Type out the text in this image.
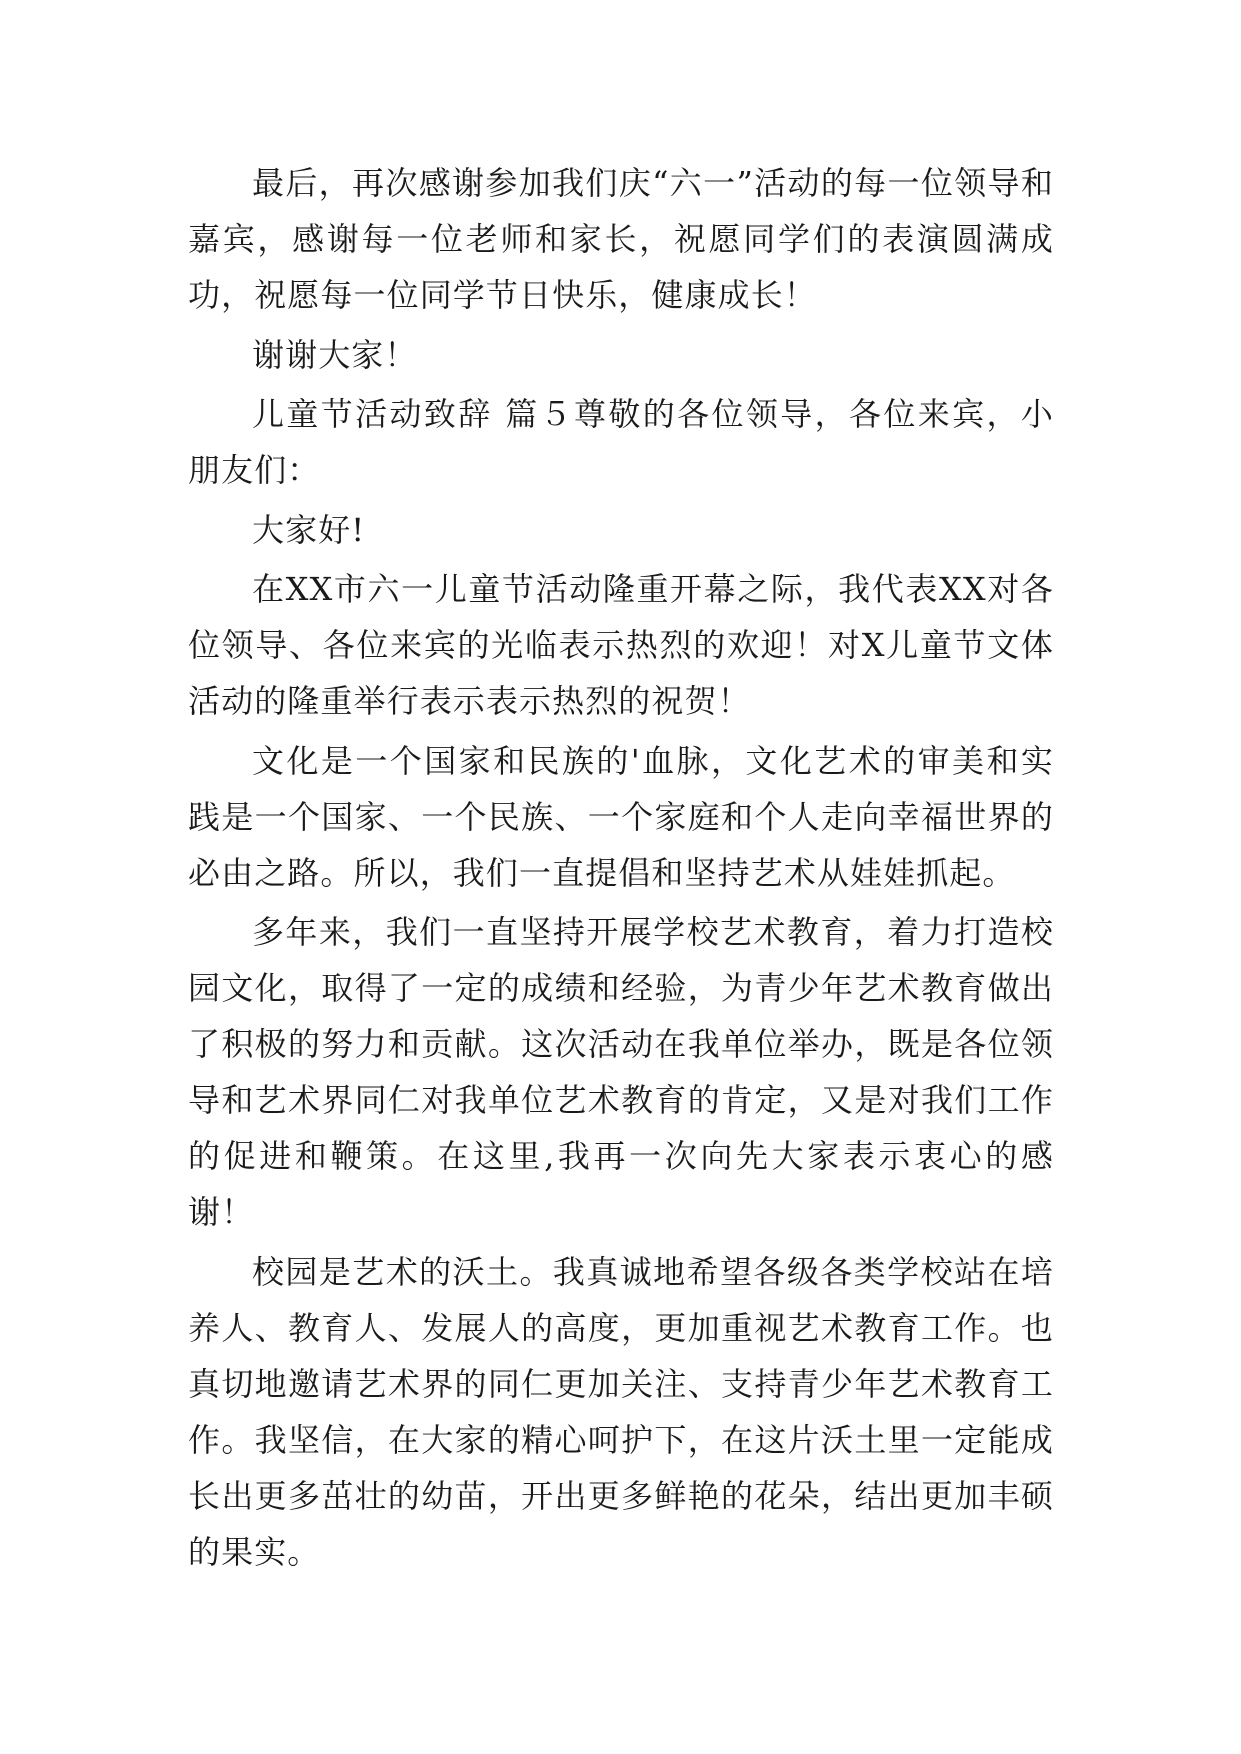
最后，再次感谢参加我们庆“六一”活动的每一位领导和嘉宾，感谢每一位老师和家长，祝愿同学们的表演圆满成功，祝愿每一位同学节日快乐，健康成长！

谢谢大家！

儿童节活动致辞 篇５尊敬的各位领导，各位来宾，小朋友们：

大家好!

在XX市六一儿童节活动隆重开幕之际，我代表XX对各位领导、各位来宾的光临表示热烈的欢迎！对X儿童节文体活动的隆重举行表示表示热烈的祝贺！

文化是一个国家和民族的'血脉，文化艺术的审美和实践是一个国家、一个民族、一个家庭和个人走向幸福世界的必由之路。所以，我们一直提倡和坚持艺术从娃娃抓起。

多年来，我们一直坚持开展学校艺术教育，着力打造校园文化，取得了一定的成绩和经验，为青少年艺术教育做出了积极的努力和贡献。这次活动在我单位举办，既是各位领导和艺术界同仁对我单位艺术教育的肯定，又是对我们工作的促进和鞭策。在这里,我再一次向先大家表示衷心的感谢！

校园是艺术的沃土。我真诚地希望各级各类学校站在培养人、教育人、发展人的高度，更加重视艺术教育工作。也真切地邀请艺术界的同仁更加关注、支持青少年艺术教育工作。我坚信，在大家的精心呵护下，在这片沃土里一定能成长出更多茁壮的幼苗，开出更多鲜艳的花朵，结出更加丰硕的果实。
